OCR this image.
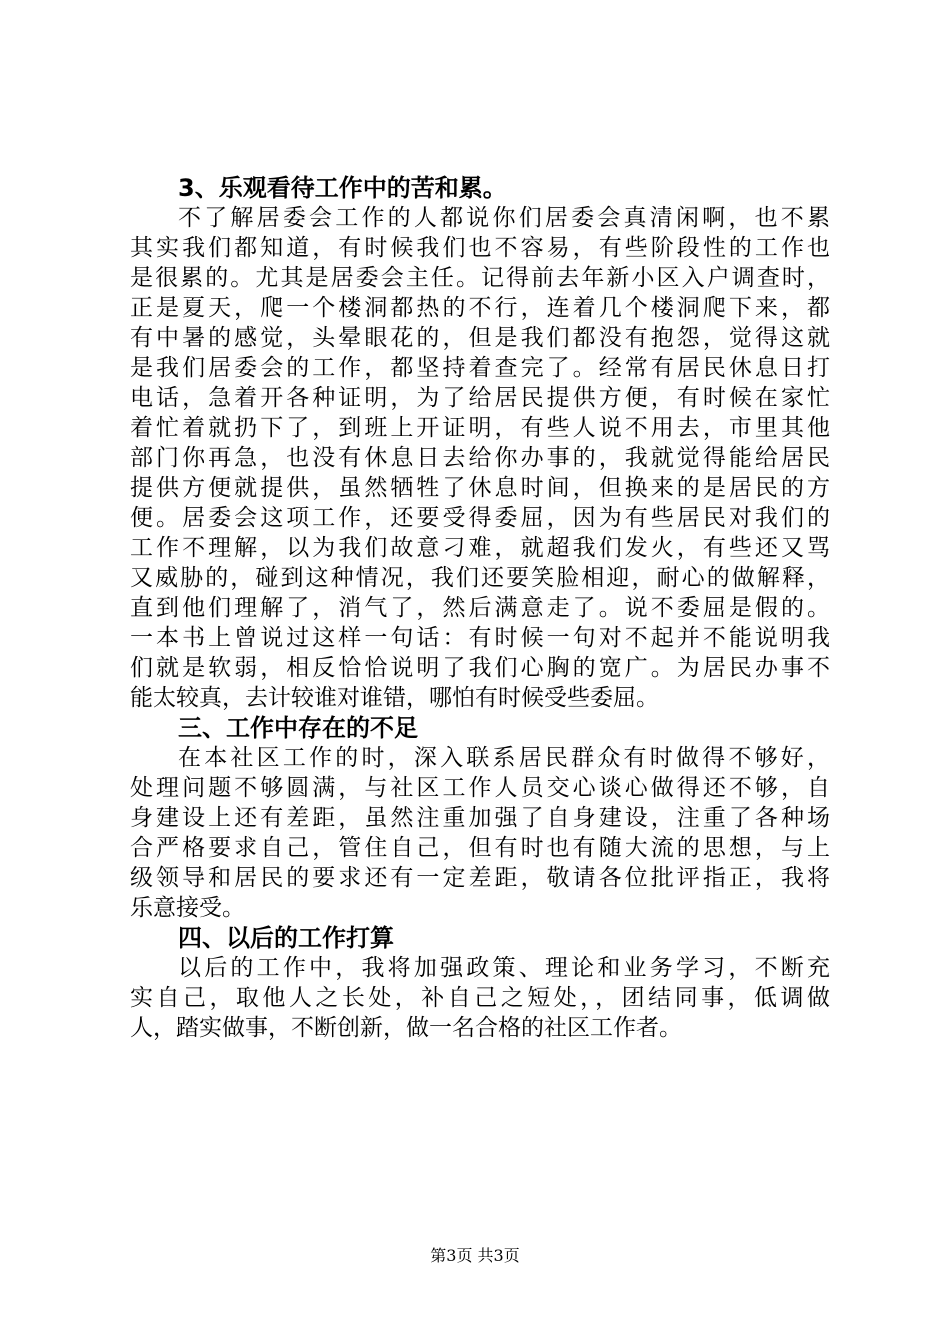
3、乐观看待工作中的苦和累。
不了解居委会工作的人都说你们居委会真清闲啊，也不累
其实我们都知道，有时候我们也不容易，有些阶段性的工作也
是很累的。尤其是居委会主任。记得前去年新小区入户调查时，
正是夏天，爬一个楼洞都热的不行，连着几个楼洞爬下来，都
有中暑的感觉，头晕眼花的，但是我们都没有抱怨，觉得这就
是我们居委会的工作，都坚持着查完了。经常有居民休息日打
电话，急着开各种证明，为了给居民提供方便，有时候在家忙
着忙着就扔下了，到班上开证明，有些人说不用去，市里其他
部门你再急，也没有休息日去给你办事的，我就觉得能给居民
提供方便就提供，虽然牺牲了休息时间，但换来的是居民的方
便。居委会这项工作，还要受得委屈，因为有些居民对我们的
工作不理解，以为我们故意刁难，就超我们发火，有些还又骂
又威胁的，碰到这种情况，我们还要笑脸相迎，耐心的做解释，
直到他们理解了，消气了，然后满意走了。说不委屈是假的。
一本书上曾说过这样一句话：有时候一句对不起并不能说明我
们就是软弱，相反恰恰说明了我们心胸的宽广。为居民办事不
能太较真，去计较谁对谁错，哪怕有时候受些委屈。
三、工作中存在的不足
在本社区工作的时，深入联系居民群众有时做得不够好，
处理问题不够圆满，与社区工作人员交心谈心做得还不够，自
身建设上还有差距，虽然注重加强了自身建设，注重了各种场
合严格要求自己，管住自己，但有时也有随大流的思想，与上
级领导和居民的要求还有一定差距，敬请各位批评指正，我将
乐意接受。
四、以后的工作打算
以后的工作中，我将加强政策、理论和业务学习，不断充
实自己，取他人之长处，补自己之短处，，团结同事，低调做
人，踏实做事，不断创新，做一名合格的社区工作者。
第3页 共3页
